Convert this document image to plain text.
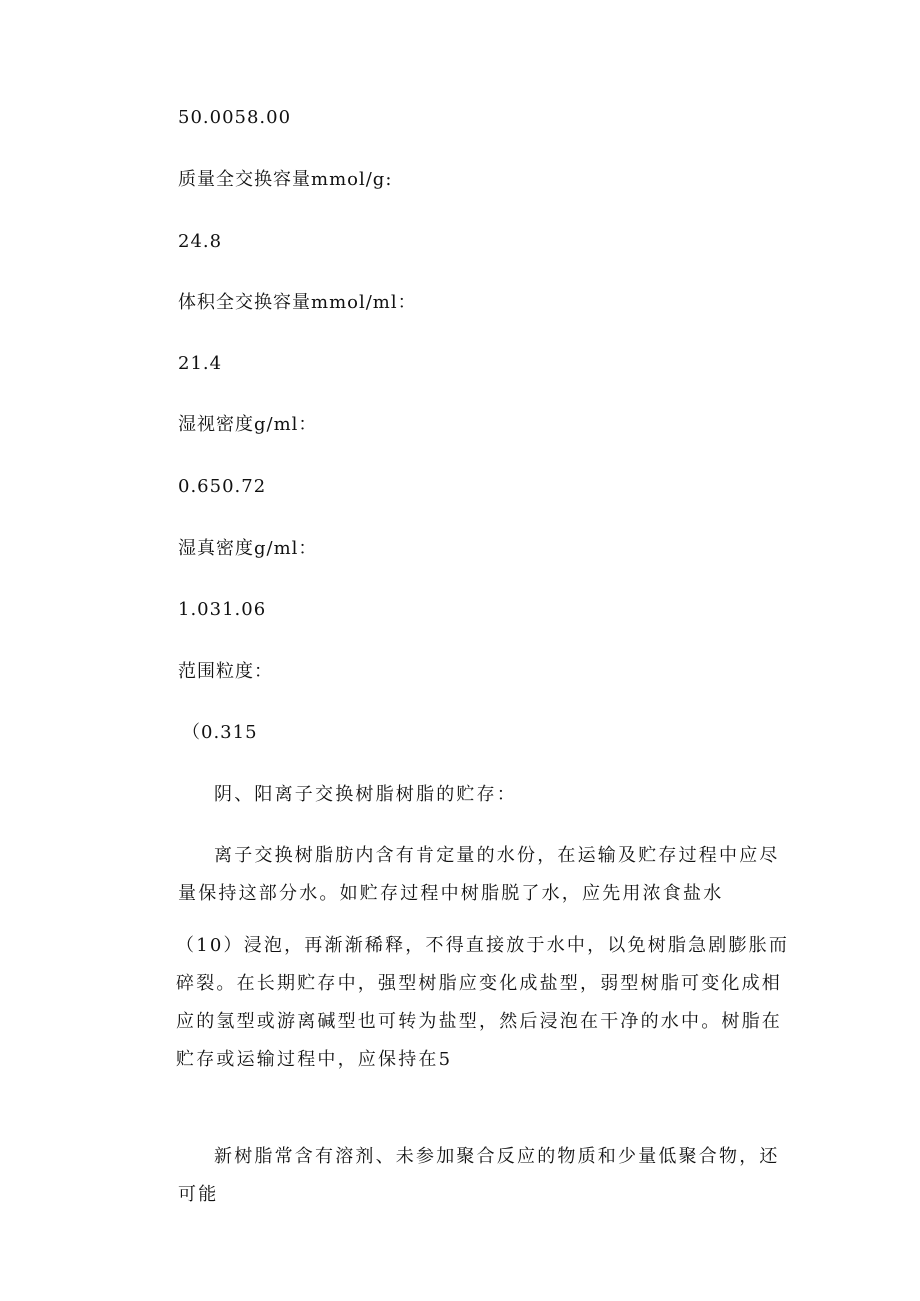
50.0058.00
质量全交换容量mmol/g:
24.8
体积全交换容量mmol/ml：
21.4
湿视密度g/ml：
0.650.72
湿真密度g/ml：
1.031.06
范围粒度：
（0.315
阴、阳离子交换树脂树脂的贮存：
离子交换树脂肪内含有肯定量的水份，在运输及贮存过程中应尽量保持这部分水。如贮存过程中树脂脱了水，应先用浓食盐水
（10）浸泡，再渐渐稀释，不得直接放于水中，以免树脂急剧膨胀而碎裂。在长期贮存中，强型树脂应变化成盐型，弱型树脂可变化成相应的氢型或游离碱型也可转为盐型，然后浸泡在干净的水中。树脂在贮存或运输过程中，应保持在5
新树脂常含有溶剂、未参加聚合反应的物质和少量低聚合物，还可能
